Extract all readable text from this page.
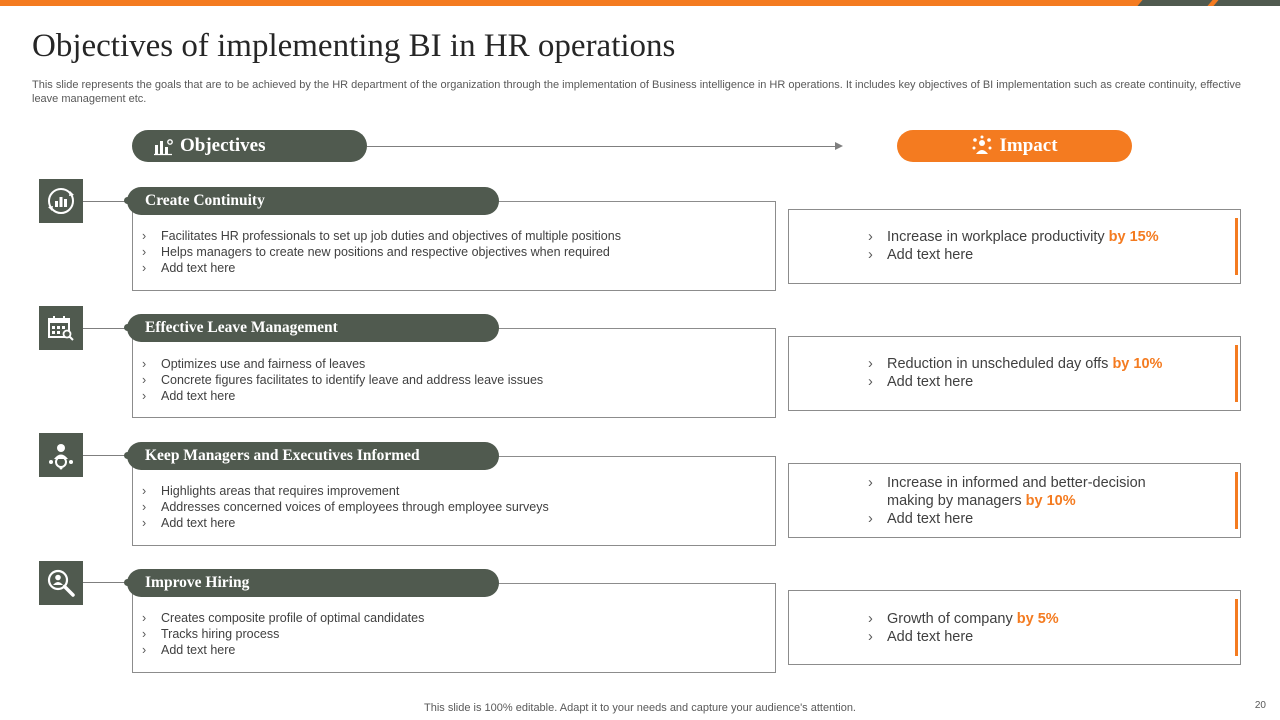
Objectives of implementing BI in HR operations

This slide represents the goals that are to be achieved by the HR department of the organization through the implementation of Business intelligence in HR operations. It includes key objectives of BI implementation such as create continuity, effective leave management etc.

Objectives	Impact
Create Continuity
›	Facilitates HR professionals to set up job duties and objectives of multiple positions
›	Helps managers to create new positions and respective objectives when required
›	Add text here
› Increase in workplace productivity by 15%
› Add text here
Effective Leave Management
›	Optimizes use and fairness of leaves
›	Concrete figures facilitates to identify leave and address leave issues
›	Add text here
› Reduction in unscheduled day offs by 10%
› Add text here
Keep Managers and Executives Informed
›	Highlights areas that requires improvement
›	Addresses concerned voices of employees through employee surveys
›	Add text here
› Increase in informed and better-decision making by managers by 10%
› Add text here
Improve Hiring
›	Creates composite profile of optimal candidates
›	Tracks hiring process
›	Add text here
› Growth of company by 5%
› Add text here
This slide is 100% editable. Adapt it to your needs and capture your audience's attention.	20
